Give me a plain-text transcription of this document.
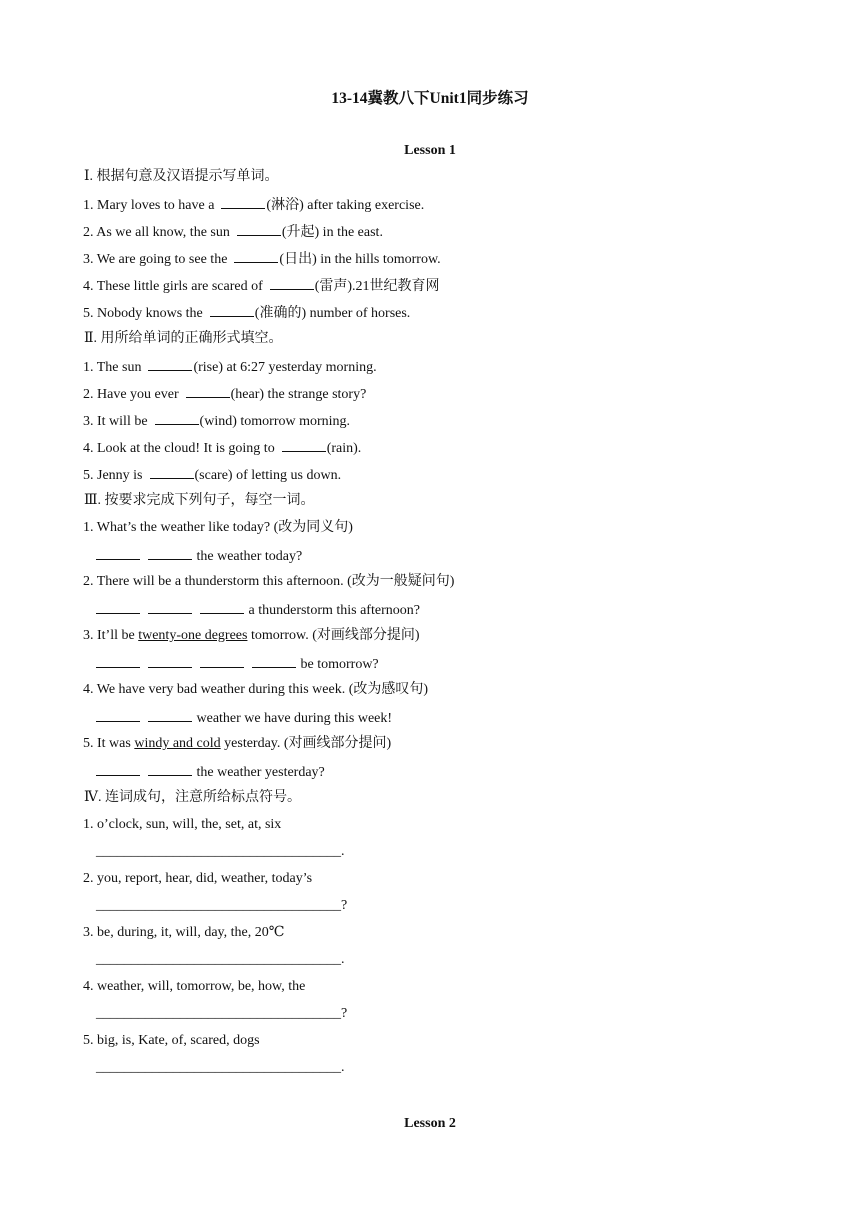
13-14冀教八下Unit1同步练习
Lesson 1
Ⅰ. 根据句意及汉语提示写单词。
1. Mary loves to have a	(淋浴) after taking exercise.
2. As we all know, the sun	(升起) in the east.
3. We are going to see the	(日出) in the hills tomorrow.
4. These little girls are scared of	(雷声).21世纪教育网
5. Nobody knows the	(准确的) number of horses.
Ⅱ. 用所给单词的正确形式填空。
1. The sun	(rise) at 6:27 yesterday morning.
2. Have you ever	(hear) the strange story?
3. It will be	(wind) tomorrow morning.
4. Look at the cloud! It is going to	(rain).
5. Jenny is	(scare) of letting us down.
Ⅲ. 按要求完成下列句子，每空一词。
1. What’s the weather like today? (改为同义句)
the weather today?
2. There will be a thunderstorm this afternoon. (改为一般疑问句)
a thunderstorm this afternoon?
3. It’ll be twenty-one degrees tomorrow. (对画线部分提问)
be tomorrow?
4. We have very bad weather during this week. (改为感叹句)
weather we have during this week!
5. It was windy and cold yesterday. (对画线部分提问)
the weather yesterday?
Ⅳ. 连词成句，注意所给标点符号。
1. o’clock, sun, will, the, set, at, six
___________________________________.
2. you, report, hear, did, weather, today’s
___________________________________?
3. be, during, it, will, day, the, 20℃
___________________________________.
4. weather, will, tomorrow, be, how, the
___________________________________?
5. big, is, Kate, of, scared, dogs
___________________________________.
Lesson 2
